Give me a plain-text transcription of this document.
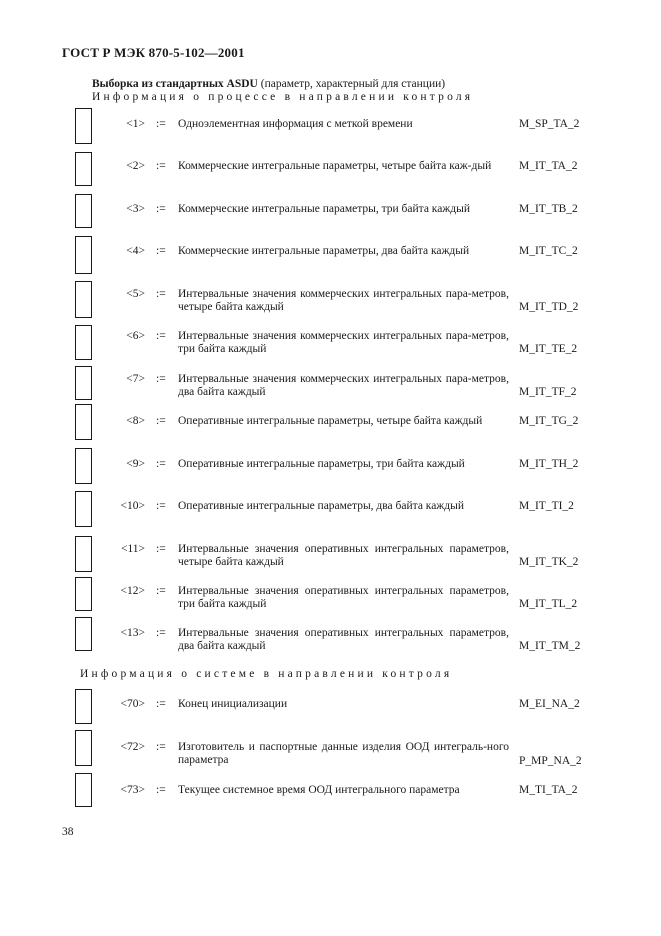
ГОСТ Р МЭК 870-5-102—2001
Выборка из стандартных ASDU (параметр, характерный для станции)
Информация о процессе в направлении контроля
<1> := Одноэлементная информация с меткой времени	M_SP_TA_2
<2> := Коммерческие интегральные параметры, четыре байта каж-дый	M_IT_TA_2
<3> := Коммерческие интегральные параметры, три байта каждый	M_IT_TB_2
<4> := Коммерческие интегральные параметры, два байта каждый	M_IT_TC_2
<5> := Интервальные значения коммерческих интегральных пара-метров, четыре байта каждый	M_IT_TD_2
<6> := Интервальные значения коммерческих интегральных пара-метров, три байта каждый	M_IT_TE_2
<7> := Интервальные значения коммерческих интегральных пара-метров, два байта каждый	M_IT_TF_2
<8> := Оперативные интегральные параметры, четыре байта каждый	M_IT_TG_2
<9> := Оперативные интегральные параметры, три байта каждый	M_IT_TH_2
<10> := Оперативные интегральные параметры, два байта каждый	M_IT_TI_2
<11> := Интервальные значения оперативных интегральных параметров, четыре байта каждый	M_IT_TK_2
<12> := Интервальные значения оперативных интегральных параметров, три байта каждый	M_IT_TL_2
<13> := Интервальные значения оперативных интегральных параметров, два байта каждый	M_IT_TM_2
Информация о системе в направлении контроля
<70> := Конец инициализации	M_EI_NA_2
<72> := Изготовитель и паспортные данные изделия ООД интеграль-ного параметра	P_MP_NA_2
<73> := Текущее системное время ООД интегрального параметра	M_TI_TA_2
38
